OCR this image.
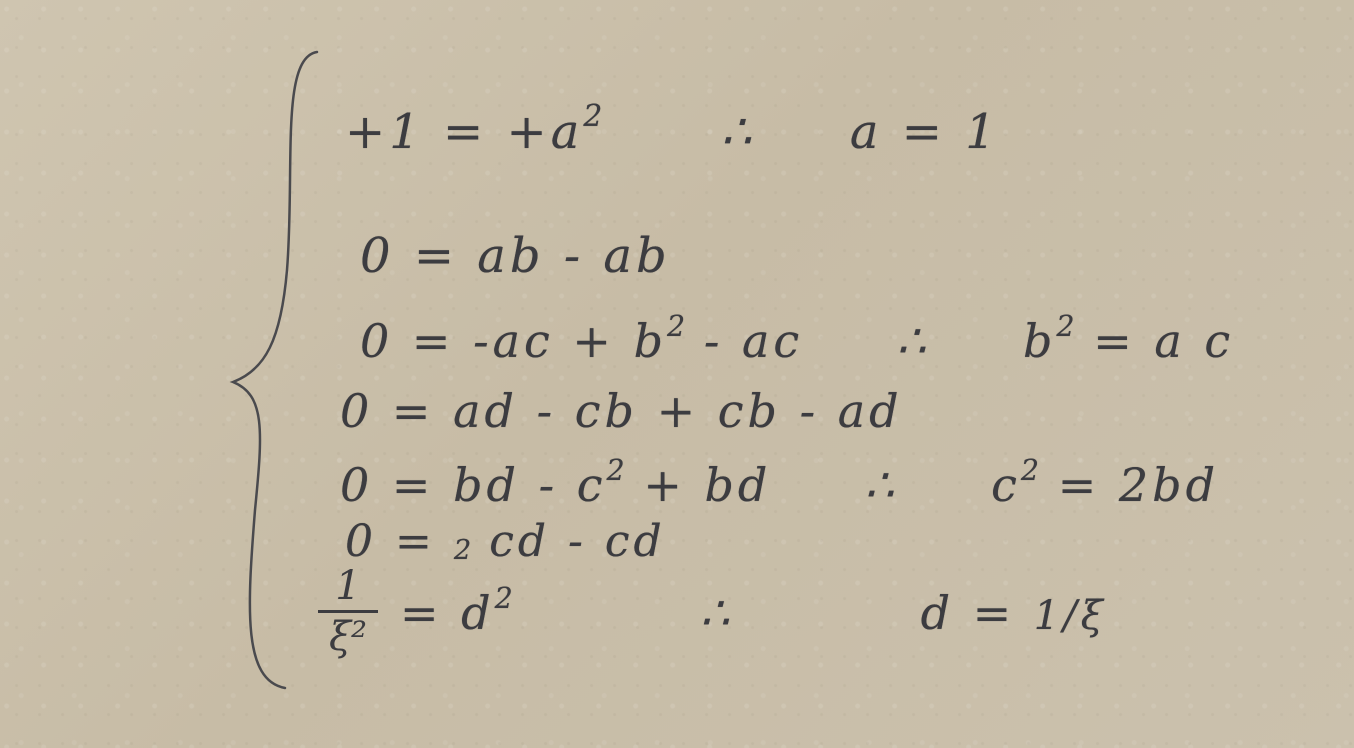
$+1 = +a^2$ ∴ a = 1
0 = ab - ab
$0 = -ac + b^2$ - ac ∴ $b^2 = a$ c
0 = ad - cb + cb - ad
0 = bd - $c^2$ + bd ∴ $c^2 = 2bd$
0 = 2 cd - cd
1
$\xi^2 = d^2$	∴	d = 1/ξ
